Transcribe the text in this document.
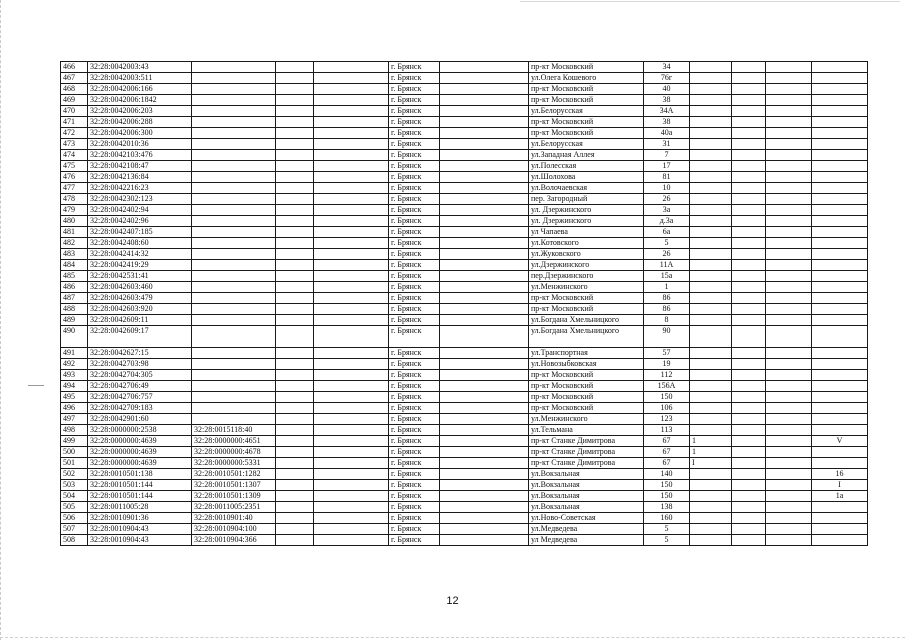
466	32:28:0042003:43				г. Брянск		пр-кт Московский	34				
467	32:28:0042003:511				г. Брянск		ул.Олега Кошевого	76г				
468	32:28:0042006:166				г. Брянск		пр-кт Московский	40				
469	32:28:0042006:1842				г. Брянск		пр-кт Московский	38				
470	32:28:0042006:203				г. Брянск		ул.Белорусская	34А				
471	32:28:0042006:288				г. Брянск		пр-кт Московский	38				
472	32:28:0042006:300				г. Брянск		пр-кт Московский	40а				
473	32:28:0042010:36				г. Брянск		ул.Белорусская	31				
474	32:28:0042103:476				г. Брянск		ул.Западная Аллея	7				
475	32:28:0042108:47				г. Брянск		ул.Полесская	17				
476	32:28:0042136:84				г. Брянск		ул.Шолохова	81				
477	32:28:0042216:23				г. Брянск		ул.Волочаевская	10				
478	32:28:0042302:123				г. Брянск		пер. Загородный	26				
479	32:28:0042402:94				г. Брянск		ул. Дзержинского	3а				
480	32:28:0042402:96				г. Брянск		ул. Дзержинского	д.3а				
481	32:28:0042407:185				г. Брянск		ул Чапаева	6а				
482	32:28:0042408:60				г. Брянск		ул.Котовского	5				
483	32:28:0042414:32				г. Брянск		ул.Жуковского	26				
484	32:28:0042419:29				г. Брянск		ул.Дзержинского	11А				
485	32:28:0042531:41				г. Брянск		пер.Дзержинского	15а				
486	32:28:0042603:460				г. Брянск		ул.Менжинского	1				
487	32:28:0042603:479				г. Брянск		пр-кт Московский	86				
488	32:28:0042603:920				г. Брянск		пр-кт Московский	86				
489	32:28:0042609:11				г. Брянск		ул.Богдана Хмельницкого	8				
490	32:28:0042609:17				г. Брянск		ул.Богдана Хмельницкого	90				
491	32:28:0042627:15				г. Брянск		ул.Транспортная	57				
492	32:28:0042703:98				г. Брянск		ул.Новозыбковская	19				
493	32:28:0042704:305				г. Брянск		пр-кт Московский	112				
494	32:28:0042706:49				г. Брянск		пр-кт Московский	156А				
495	32:28:0042706:757				г. Брянск		пр-кт Московский	150				
496	32:28:0042709:183				г. Брянск		пр-кт Московский	106				
497	32:28:0042901:60				г. Брянск		ул.Менжинского	123				
498	32:28:0000000:2538	32:28:0015118:40			г. Брянск		ул.Тельмана	113				
499	32:28:0000000:4639	32:28:0000000:4651			г. Брянск		пр-кт Станке Димитрова	67	1			V
500	32:28:0000000:4639	32:28:0000000:4678			г. Брянск		пр-кт Станке Димитрова	67	1			
501	32:28:0000000:4639	32:28:0000000:5331			г. Брянск		пр-кт Станке Димитрова	67	I			
502	32:28:0010501:138	32:28:0010501:1282			г. Брянск		ул.Вокзальная	140				16
503	32:28:0010501:144	32:28:0010501:1307			г. Брянск		ул.Вокзальная	150				I
504	32:28:0010501:144	32:28:0010501:1309			г. Брянск		ул.Вокзальная	150				1а
505	32:28:0011005:28	32:28:0011005:2351			г. Брянск		ул.Вокзальная	138				
506	32:28:0010901:36	32:28:0010901:40			г. Брянск		ул.Ново-Советская	160				
507	32:28:0010904:43	32:28:0010904:100			г. Брянск		ул.Медведева	5				
508	32:28:0010904:43	32:28:0010904:366			г. Брянск		ул Медведева	5				
12
